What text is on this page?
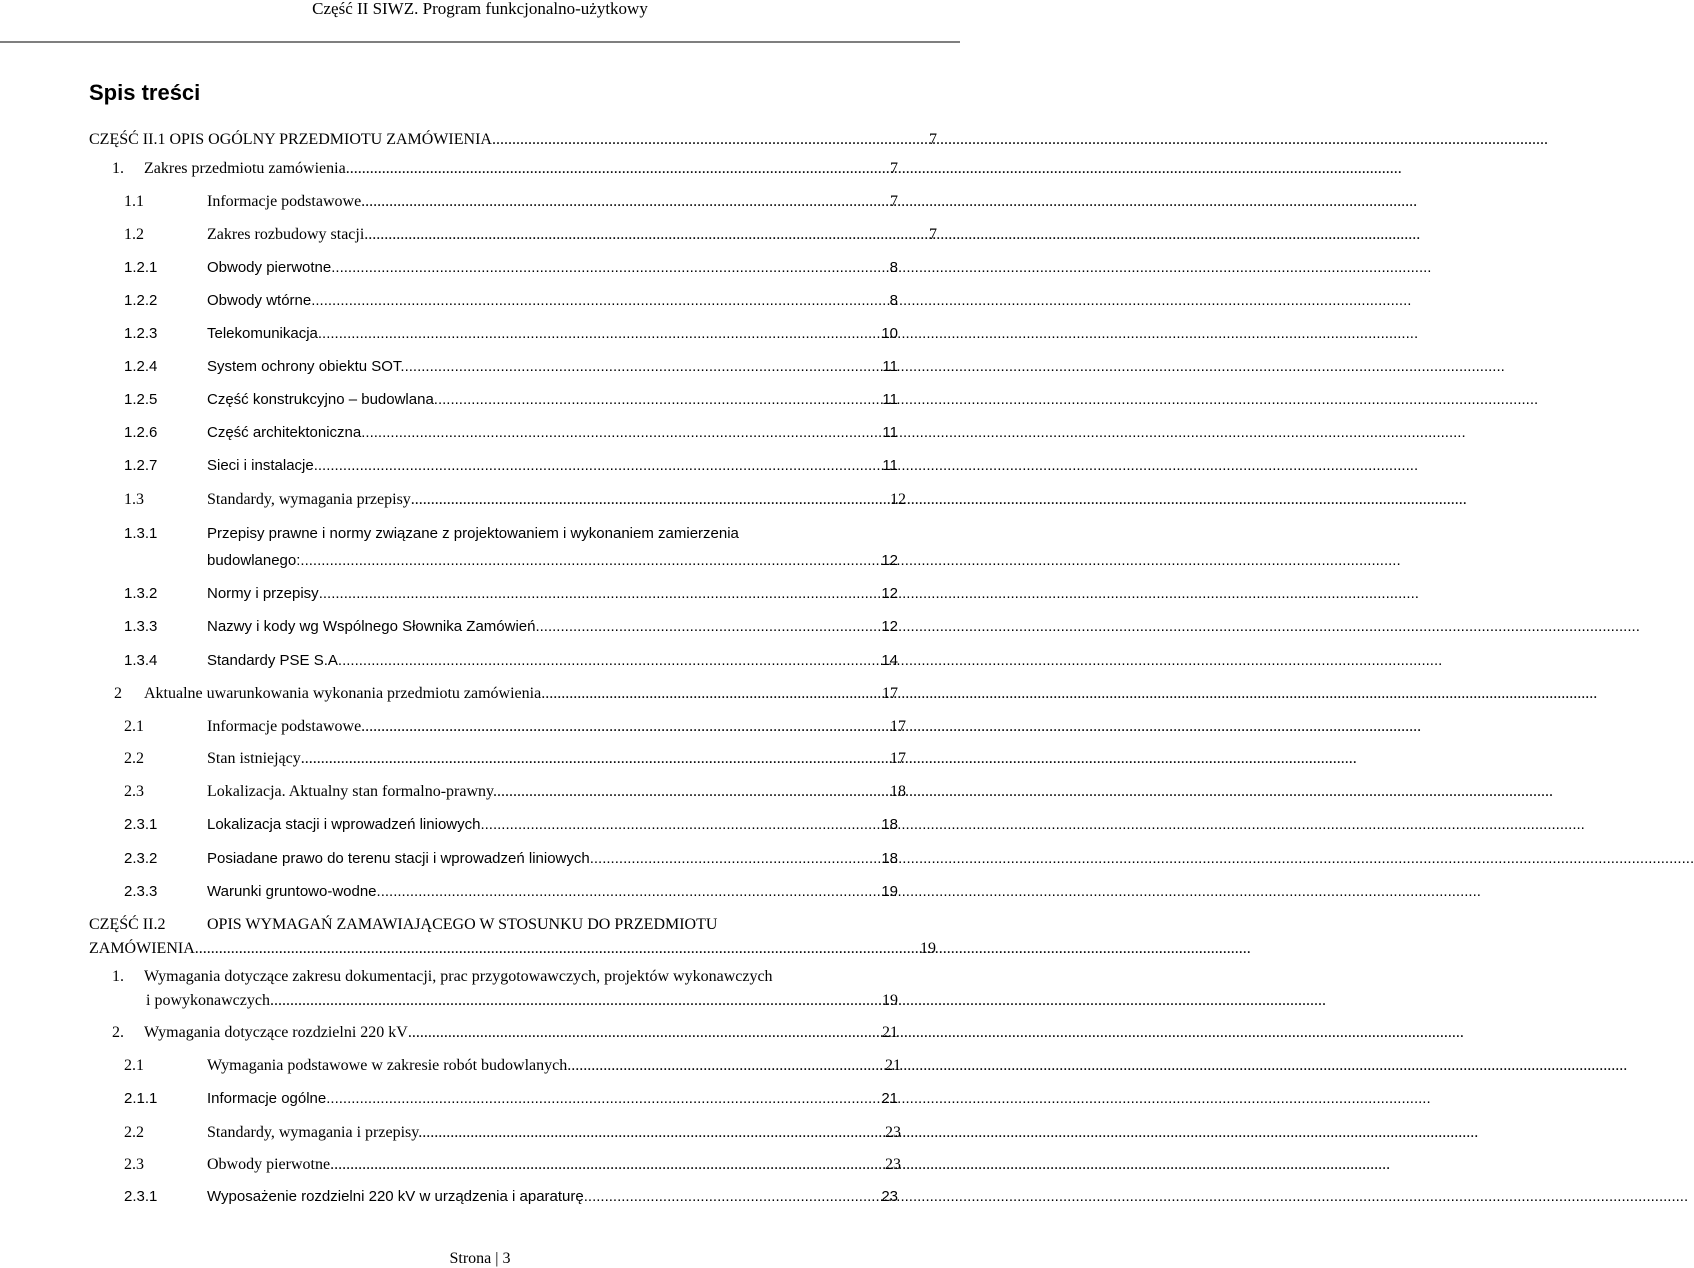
Część II SIWZ. Program funkcjonalno-użytkowy
Spis treści
CZĘŚĆ II.1 OPIS OGÓLNY PRZEDMIOTU ZAMÓWIENIA .....	7
1.	Zakres przedmiotu zamówienia .....	7
1.1	Informacje podstawowe .....	7
1.2	Zakres rozbudowy stacji .....	7
1.2.1	Obwody pierwotne .....	8
1.2.2	Obwody wtórne .....	8
1.2.3	Telekomunikacja .....	10
1.2.4	System ochrony obiektu SOT. .....	11
1.2.5	Część konstrukcyjno – budowlana. .....	11
1.2.6	Część architektoniczna. .....	11
1.2.7	Sieci i instalacje. .....	11
1.3	Standardy, wymagania przepisy .....	12
1.3.1	Przepisy prawne i normy związane z projektowaniem i wykonaniem zamierzenia
budowlanego: .....	12
1.3.2	Normy i przepisy .....	12
1.3.3	Nazwy i kody wg Wspólnego Słownika Zamówień. .....	12
1.3.4	Standardy PSE S.A. .....	14
2	Aktualne uwarunkowania wykonania przedmiotu zamówienia .....	17
2.1	Informacje podstawowe. .....	17
2.2	Stan istniejący .....	17
2.3	Lokalizacja. Aktualny stan formalno-prawny. .....	18
2.3.1	Lokalizacja stacji i wprowadzeń liniowych. .....	18
2.3.2	Posiadane prawo do terenu stacji i wprowadzeń liniowych. .....	18
2.3.3	Warunki gruntowo-wodne. .....	19
CZĘŚĆ II.2	OPIS WYMAGAŃ ZAMAWIAJĄCEGO W STOSUNKU DO PRZEDMIOTU
ZAMÓWIENIA .....	19
1. Wymagania dotyczące zakresu dokumentacji, prac przygotowawczych, projektów wykonawczych
i powykonawczych .....	19
2.	Wymagania dotyczące rozdzielni 220 kV .....	21
2.1	Wymagania podstawowe w zakresie robót budowlanych. .....	21
2.1.1	Informacje ogólne. .....	21
2.2	Standardy, wymagania i przepisy. .....	23
2.3	Obwody pierwotne. .....	23
2.3.1	Wyposażenie rozdzielni 220 kV w urządzenia i aparaturę. .....	23
Strona | 3
